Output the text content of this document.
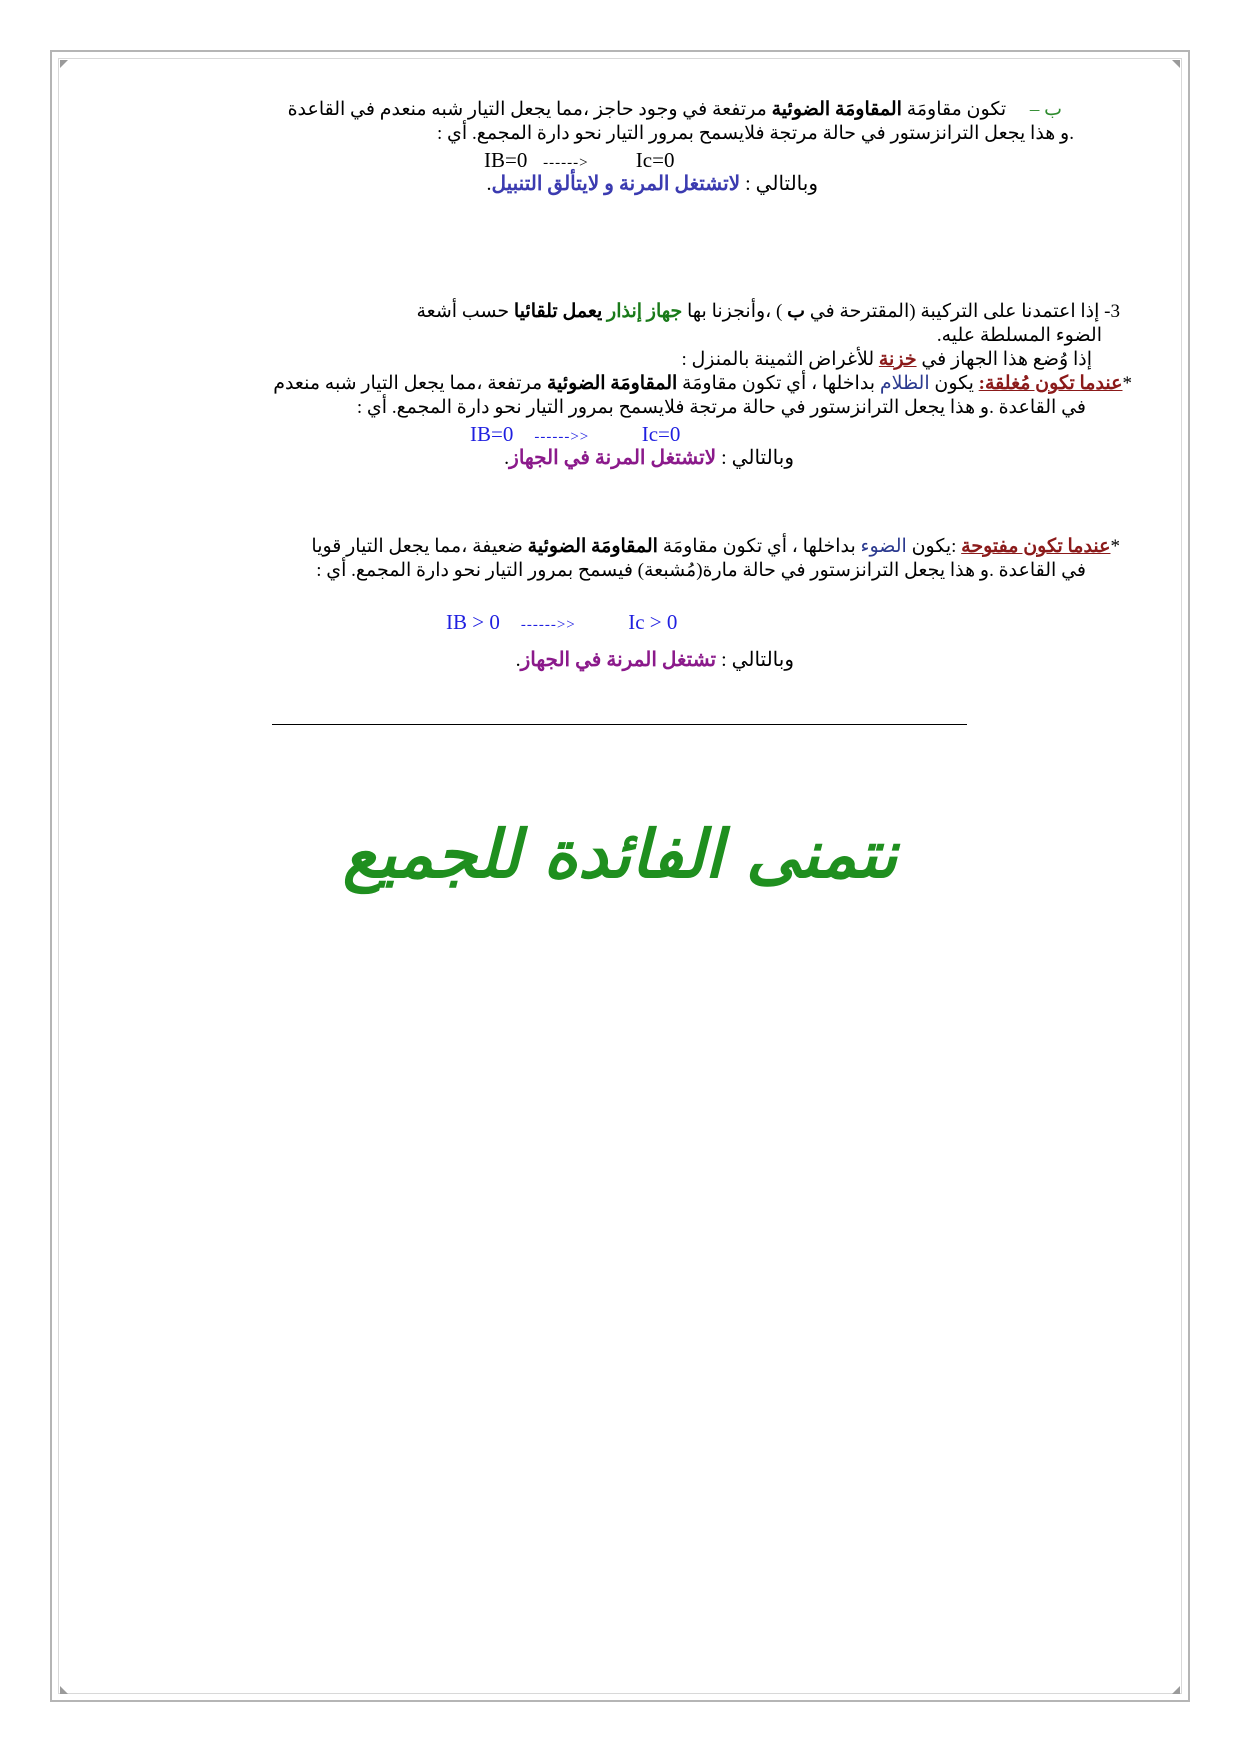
ب –     تكون مقاومَة المقاومَة الضوئية مرتفعة في وجود حاجز ،مما يجعل التيار شبه منعدم في القاعدة
.و هذا يجعل الترانزستور في حالة مرتجة فلايسمح بمرور التيار نحو دارة المجمع. أي :
IB=0 ------> Ic=0
وبالتالي : لاتشتغل المرنة و لايتألق التنبيل.
3- إذا اعتمدنا على التركيبة (المقترحة في ب ) ،وأنجزنا بها جهاز إنذار يعمل تلقائيا حسب أشعة
الضوء المسلطة عليه.
إذا وُضع هذا الجهاز في خزنة للأغراض الثمينة بالمنزل :
*عندما تكون مُغلقة: يكون الظلام بداخلها ، أي تكون مقاومَة المقاومَة الضوئية مرتفعة ،مما يجعل التيار شبه منعدم
في القاعدة .و هذا يجعل الترانزستور في حالة مرتجة فلايسمح بمرور التيار نحو دارة المجمع. أي :
IB=0 ------>>	Ic=0
وبالتالي : لاتشتغل المرنة في الجهاز.
*عندما تكون مفتوحة :يكون الضوء بداخلها ، أي تكون مقاومَة المقاومَة الضوئية ضعيفة ،مما يجعل التيار قويا
في القاعدة .و هذا يجعل الترانزستور في حالة مارة(مُشبعة) فيسمح بمرور التيار نحو دارة المجمع. أي :
IB > 0 ------>>	Ic > 0
وبالتالي : تشتغل المرنة في الجهاز.
نتمنى الفائدة للجميع
